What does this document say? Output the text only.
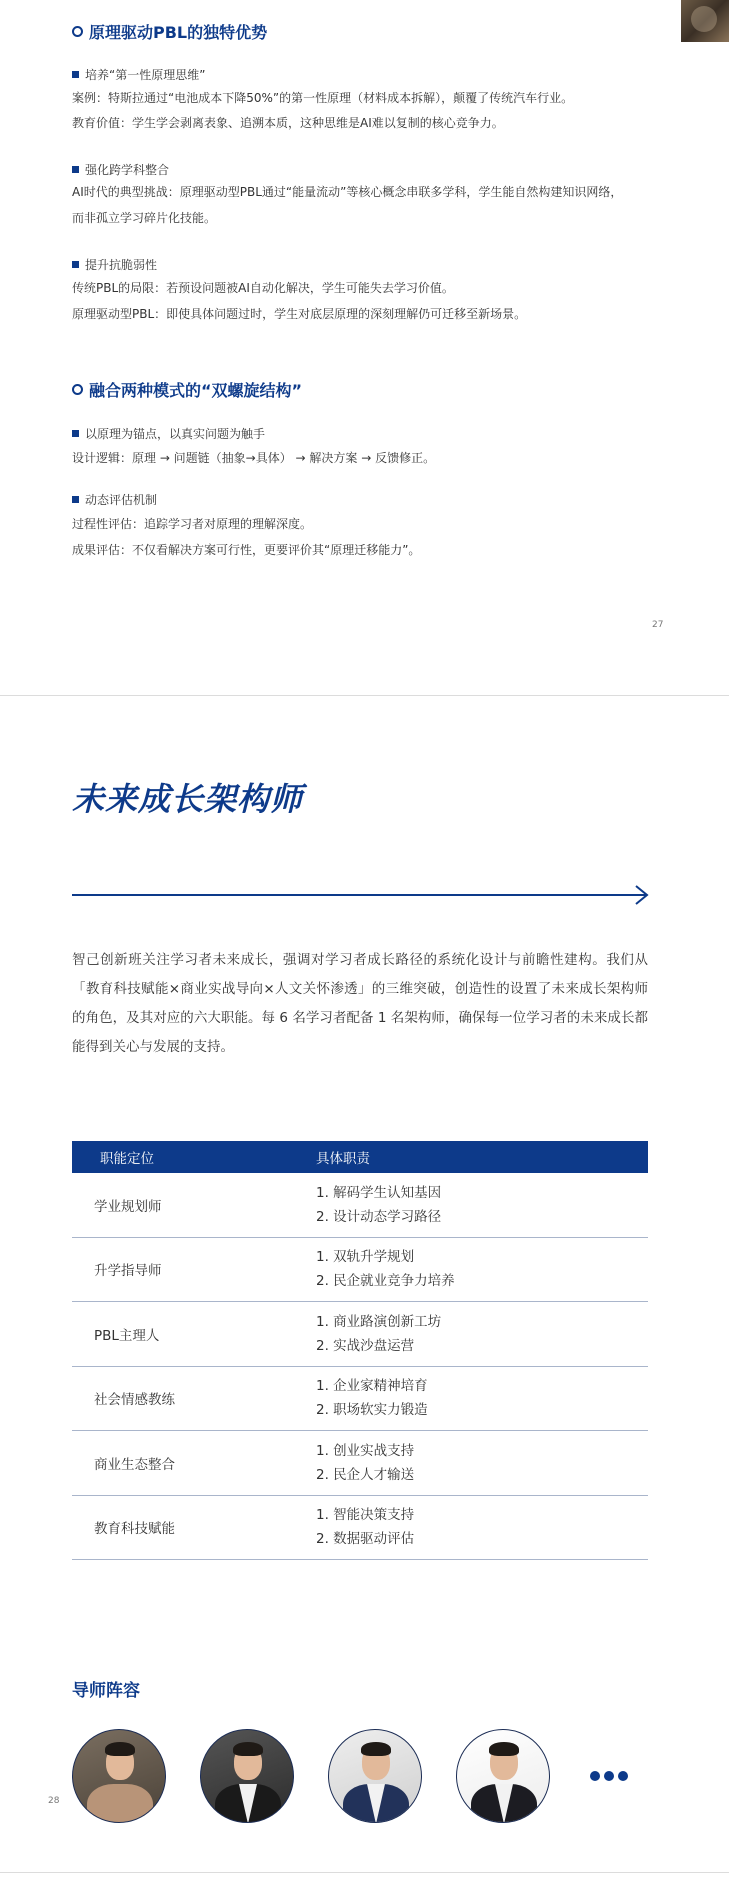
原理驱动PBL的独特优势
培养“第一性原理思维”
案例：特斯拉通过“电池成本下降50%”的第一性原理（材料成本拆解），颠覆了传统汽车行业。
教育价值：学生学会剥离表象、追溯本质，这种思维是AI难以复制的核心竞争力。
强化跨学科整合
AI时代的典型挑战：原理驱动型PBL通过“能量流动”等核心概念串联多学科，学生能自然构建知识网络，
而非孤立学习碎片化技能。
提升抗脆弱性
传统PBL的局限：若预设问题被AI自动化解决，学生可能失去学习价值。
原理驱动型PBL：即使具体问题过时，学生对底层原理的深刻理解仍可迁移至新场景。
融合两种模式的“双螺旋结构”
以原理为锚点，以真实问题为触手
设计逻辑：原理 → 问题链（抽象→具体） → 解决方案 → 反馈修正。
动态评估机制
过程性评估：追踪学习者对原理的理解深度。
成果评估：不仅看解决方案可行性，更要评价其“原理迁移能力”。
27
未来成长架构师
智己创新班关注学习者未来成长，强调对学习者成长路径的系统化设计与前瞻性建构。我们从「教育科技赋能×商业实战导向×人文关怀渗透」的三维突破，创造性的设置了未来成长架构师的角色，及其对应的六大职能。每 6 名学习者配备 1 名架构师，确保每一位学习者的未来成长都能得到关心与发展的支持。
职能定位	具体职责
学业规划师
1. 解码学生认知基因
2. 设计动态学习路径
升学指导师
1. 双轨升学规划
2. 民企就业竞争力培养
PBL主理人
1. 商业路演创新工坊
2. 实战沙盘运营
社会情感教练
1. 企业家精神培育
2. 职场软实力锻造
商业生态整合
1. 创业实战支持
2. 民企人才输送
教育科技赋能
1. 智能决策支持
2. 数据驱动评估
导师阵容
28
